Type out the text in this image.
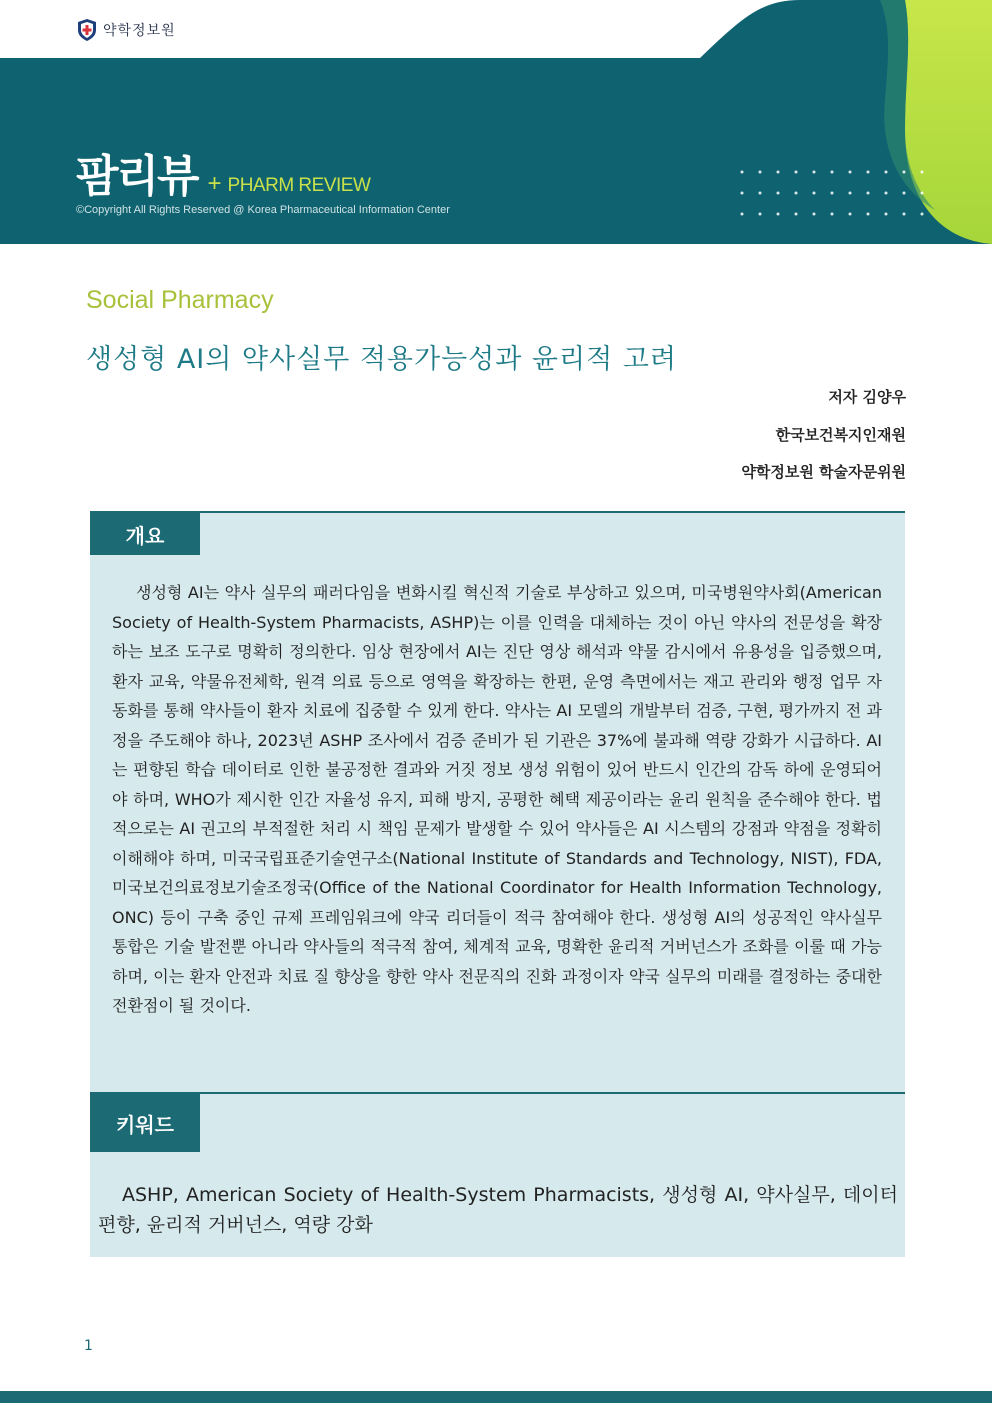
약학정보원
팜리뷰 + PHARM REVIEW
©Copyright All Rights Reserved @ Korea Pharmaceutical Information Center
Social Pharmacy
생성형 AI의 약사실무 적용가능성과 윤리적 고려
저자 김양우
한국보건복지인재원
약학정보원 학술자문위원
개요
생성형 AI는 약사 실무의 패러다임을 변화시킬 혁신적 기술로 부상하고 있으며, 미국병원약사회(American Society of Health-System Pharmacists, ASHP)는 이를 인력을 대체하는 것이 아닌 약사의 전문성을 확장하는 보조 도구로 명확히 정의한다. 임상 현장에서 AI는 진단 영상 해석과 약물 감시에서 유용성을 입증했으며, 환자 교육, 약물유전체학, 원격 의료 등으로 영역을 확장하는 한편, 운영 측면에서는 재고 관리와 행정 업무 자동화를 통해 약사들이 환자 치료에 집중할 수 있게 한다. 약사는 AI 모델의 개발부터 검증, 구현, 평가까지 전 과정을 주도해야 하나, 2023년 ASHP 조사에서 검증 준비가 된 기관은 37%에 불과해 역량 강화가 시급하다. AI는 편향된 학습 데이터로 인한 불공정한 결과와 거짓 정보 생성 위험이 있어 반드시 인간의 감독 하에 운영되어야 하며, WHO가 제시한 인간 자율성 유지, 피해 방지, 공평한 혜택 제공이라는 윤리 원칙을 준수해야 한다. 법적으로는 AI 권고의 부적절한 처리 시 책임 문제가 발생할 수 있어 약사들은 AI 시스템의 강점과 약점을 정확히 이해해야 하며, 미국국립표준기술연구소(National Institute of Standards and Technology, NIST), FDA, 미국보건의료정보기술조정국(Office of the National Coordinator for Health Information Technology, ONC) 등이 구축 중인 규제 프레임워크에 약국 리더들이 적극 참여해야 한다. 생성형 AI의 성공적인 약사실무 통합은 기술 발전뿐 아니라 약사들의 적극적 참여, 체계적 교육, 명확한 윤리적 거버넌스가 조화를 이룰 때 가능하며, 이는 환자 안전과 치료 질 향상을 향한 약사 전문직의 진화 과정이자 약국 실무의 미래를 결정하는 중대한 전환점이 될 것이다.
키워드
ASHP, American Society of Health-System Pharmacists, 생성형 AI, 약사실무, 데이터 편향, 윤리적 거버넌스, 역량 강화
1
